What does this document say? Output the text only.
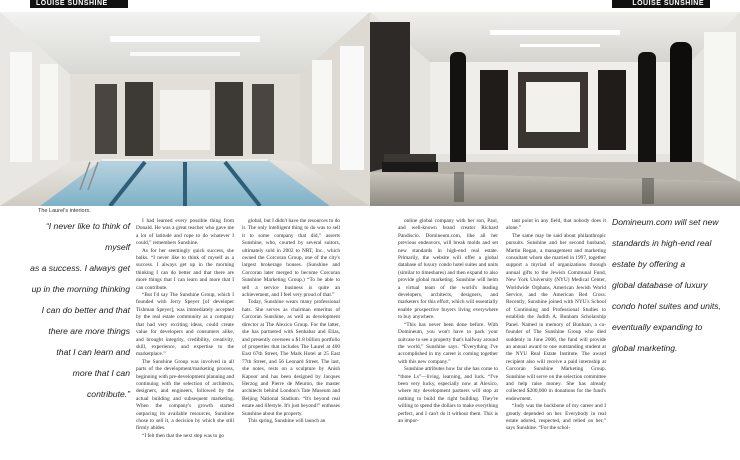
LOUISE SUNSHINE	LOUISE SUNSHINE
The Laurel's interiors.
“I never like to think of myself
as a success. I always get
up in the morning thinking
I can do better and that
there are more things
that I can learn and
more that I can contribute.”

I had learned every possible thing from Donald. He was a great teacher who gave me a lot of latitude and rope to do whatever I could,” remembers Sunshine.

As for her seemingly quick success, she balks. “I never like to think of myself as a success. I always get up in the morning thinking I can do better and that there are more things that I can learn and more that I can contribute.

“But I'd say The Sunshine Group, which I founded with Jerry Speyer [of developer Tishman Speyer], was immediately accepted by the real estate community as a company that had very exciting ideas, could create value for developers and consumers alike, and brought integrity, credibility, creativity, skill, experience, and expertise to the marketplace.”

The Sunshine Group was involved in all parts of the development/marketing process, beginning with pre-development planning and continuing with the selection of architects, designers, and engineers, followed by the actual building and subsequent marketing. When the company's growth started outpacing its available resources, Sunshine chose to sell it, a decision by which she still firmly abides.

“I felt then that the next step was to go

global, but I didn't have the resources to do it. The only intelligent thing to do was to sell it to some company that did,” asserts Sunshine, who, courted by several suitors, ultimately sold in 2002 to NRT, Inc., which owned the Corcoran Group, one of the city's largest brokerage houses. (Sunshine and Corcoran later merged to become Corcoran Sunshine Marketing Group.) “To be able to sell a service business is quite an achievement, and I feel very proud of that.”

Today, Sunshine wears many professional hats. She serves as chairman emeritus of Corcoran Sunshine, as well as development director at The Alexico Group. For the latter, she has partnered with Senbabar and Elias, and presently oversees a $1.8 billion portfolio of properties that includes The Laurel at 400 East 67th Street, The Mark Hotel at 25 East 77th Street, and 56 Leonard Street. The last, she notes, rests on a sculpture by Anish Kapoor and has been designed by Jacques Herzog and Pierre de Meuron, the master architects behind London's Tate Museum and Beijing National Stadium. “It's beyond real estate and lifestyle. It's just beyond!” enthuses Sunshine about the property.

This spring, Sunshine will launch an

online global company with her son, Paul, and well-known brand creator Richard Pandiscio. Domineum.com, like all her previous endeavors, will break molds and set new standards in high-end real estate. Primarily, the website will offer a global database of luxury condo hotel suites and units (similar to timeshares) and then expand to also provide global marketing. Sunshine will helm a virtual team of the world's leading developers, architects, designers, and marketers for this effort, which will essentially enable prospective buyers living everywhere to buy anywhere.

“This has never been done before. With Domineum, you won't have to pack your suitcase to see a property that's halfway around the world,” Sunshine says. “Everything I've accomplished in my career is coming together with this new company.”

Sunshine attributes how far she has come to “three Ls”—living, learning, and luck. “I've been very lucky, especially now at Alexico, where my development partners will stop at nothing to build the right building. They're willing to spend the dollars to make everything perfect, and I can't do it without them. This is an impor-

tant point in any field, that nobody does it alone.”

The same may be said about philanthropic pursuits. Sunshine and her second husband, Martin Regan, a management and marketing consultant whom she married in 1997, together support a myriad of organizations through annual gifts to the Jewish Communal Fund, New York University (NYU) Medical Center, Worldwide Orphans, American Jewish World Service, and the American Red Cross. Recently, Sunshine joined with NYU's School of Continuing and Professional Studies to establish the Judith A. Bunham Scholarship Panel. Named in memory of Bunham, a co-founder of The Sunshine Group who died suddenly in June 2006, the fund will provide an annual award to one outstanding student at the NYU Real Estate Institute. The award recipient also will receive a paid internship at Corcoran Sunshine Marketing Group. Sunshine will serve on the selection committee and help raise money. She has already collected $200,000 in donations for the fund's endowment.

“Judy was the backbone of my career and I greatly depended on her. Everybody in real estate adored, respected, and relied on her,” says Sunshine. “For the schol-

Domineum.com will set new
standards in high-end real
estate by offering a
global database of luxury
condo hotel suites and units,
eventually expanding to
global marketing.
